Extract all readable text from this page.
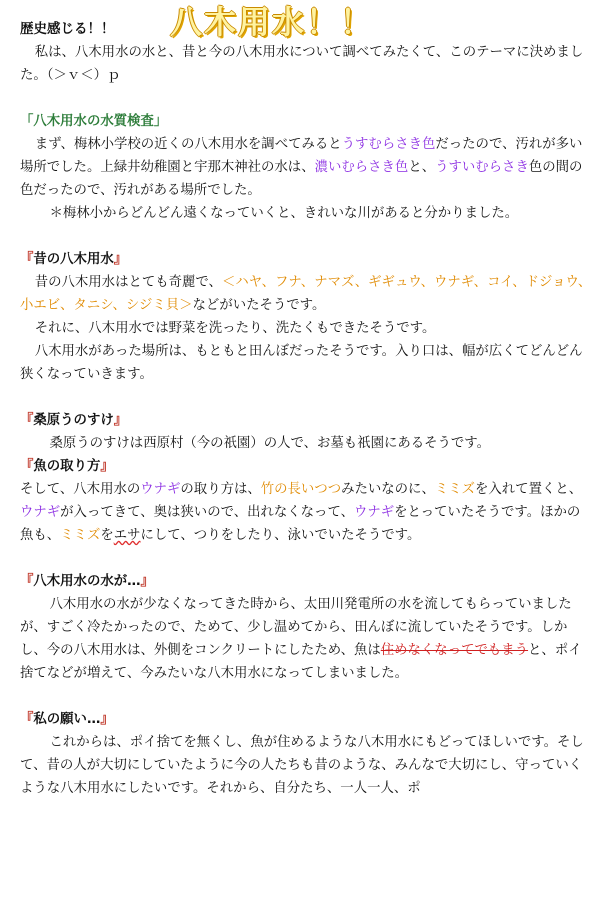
八木用水！！
歴史感じる！！

私は、八木用水の水と、昔と今の八木用水について調べてみたくて、このテーマに決めました。（＞ｖ＜）ｐ

「八木用水の水質検査」

まず、梅林小学校の近くの八木用水を調べてみるとうすむらさき色だったので、汚れが多い場所でした。上緑井幼稚園と宇那木神社の水は、濃いむらさき色と、うすいむらさき色の間の色だったので、汚れがある場所でした。

＊梅林小からどんどん遠くなっていくと、きれいな川があると分かりました。

『昔の八木用水』

昔の八木用水はとても奇麗で、＜ハヤ、フナ、ナマズ、ギギュウ、ウナギ、コイ、ドジョウ、小エビ、タニシ、シジミ貝＞などがいたそうです。

それに、八木用水では野菜を洗ったり、洗たくもできたそうです。

八木用水があった場所は、もともと田んぼだったそうです。入り口は、幅が広くてどんどん狭くなっていきます。

『桑原うのすけ』

桑原うのすけは西原村（今の祇園）の人で、お墓も祇園にあるそうです。

『魚の取り方』

そして、八木用水のウナギの取り方は、竹の長いつつみたいなのに、ミミズを入れて置くと、ウナギが入ってきて、奥は狭いので、出れなくなって、ウナギをとっていたそうです。ほかの魚も、ミミズをエサにして、つりをしたり、泳いでいたそうです。

『八木用水の水が…』

八木用水の水が少なくなってきた時から、太田川発電所の水を流してもらっていましたが、すごく冷たかったので、ためて、少し温めてから、田んぼに流していたそうです。しかし、今の八木用水は、外側をコンクリートにしたため、魚は住めなくなってでもまうと、ポイ捨てなどが増えて、今みたいな八木用水になってしまいました。

『私の願い…』

これからは、ポイ捨てを無くし、魚が住めるような八木用水にもどってほしいです。そして、昔の人が大切にしていたように今の人たちも昔のような、みんなで大切にし、守っていくような八木用水にしたいです。それから、自分たち、一人一人、ポ
